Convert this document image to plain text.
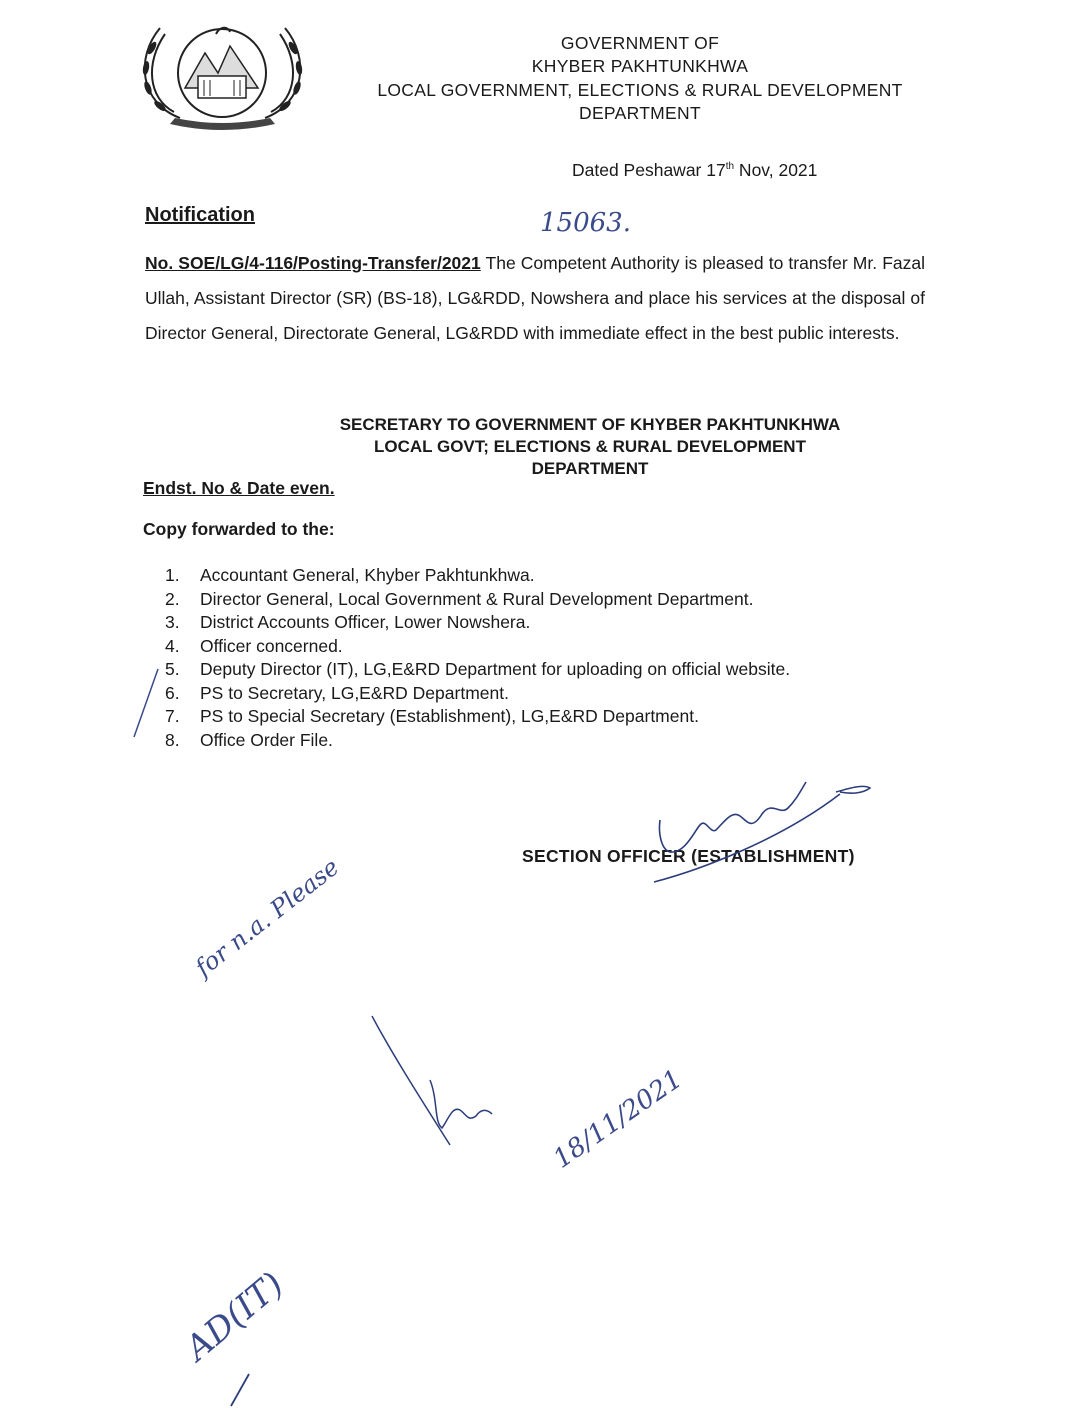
GOVERNMENT OF
KHYBER PAKHTUNKHWA
LOCAL GOVERNMENT, ELECTIONS & RURAL DEVELOPMENT
DEPARTMENT
Dated Peshawar 17th Nov, 2021
Notification	15063.
No. SOE/LG/4-116/Posting-Transfer/2021 The Competent Authority is pleased to transfer Mr. Fazal Ullah, Assistant Director (SR) (BS-18), LG&RDD, Nowshera and place his services at the disposal of Director General, Directorate General, LG&RDD with immediate effect in the best public interests.
SECRETARY TO GOVERNMENT OF KHYBER PAKHTUNKHWA
LOCAL GOVT; ELECTIONS & RURAL DEVELOPMENT
DEPARTMENT
Endst. No & Date even.
Copy forwarded to the:
1.	Accountant General, Khyber Pakhtunkhwa.
2.	Director General, Local Government & Rural Development Department.
3.	District Accounts Officer, Lower Nowshera.
4.	Officer concerned.
5.	Deputy Director (IT), LG,E&RD Department for uploading on official website.
6.	PS to Secretary, LG,E&RD Department.
7.	PS to Special Secretary (Establishment), LG,E&RD Department.
8.	Office Order File.
SECTION OFFICER (ESTABLISHMENT)
for n.a. Please
18/11/2021
AD(IT)
